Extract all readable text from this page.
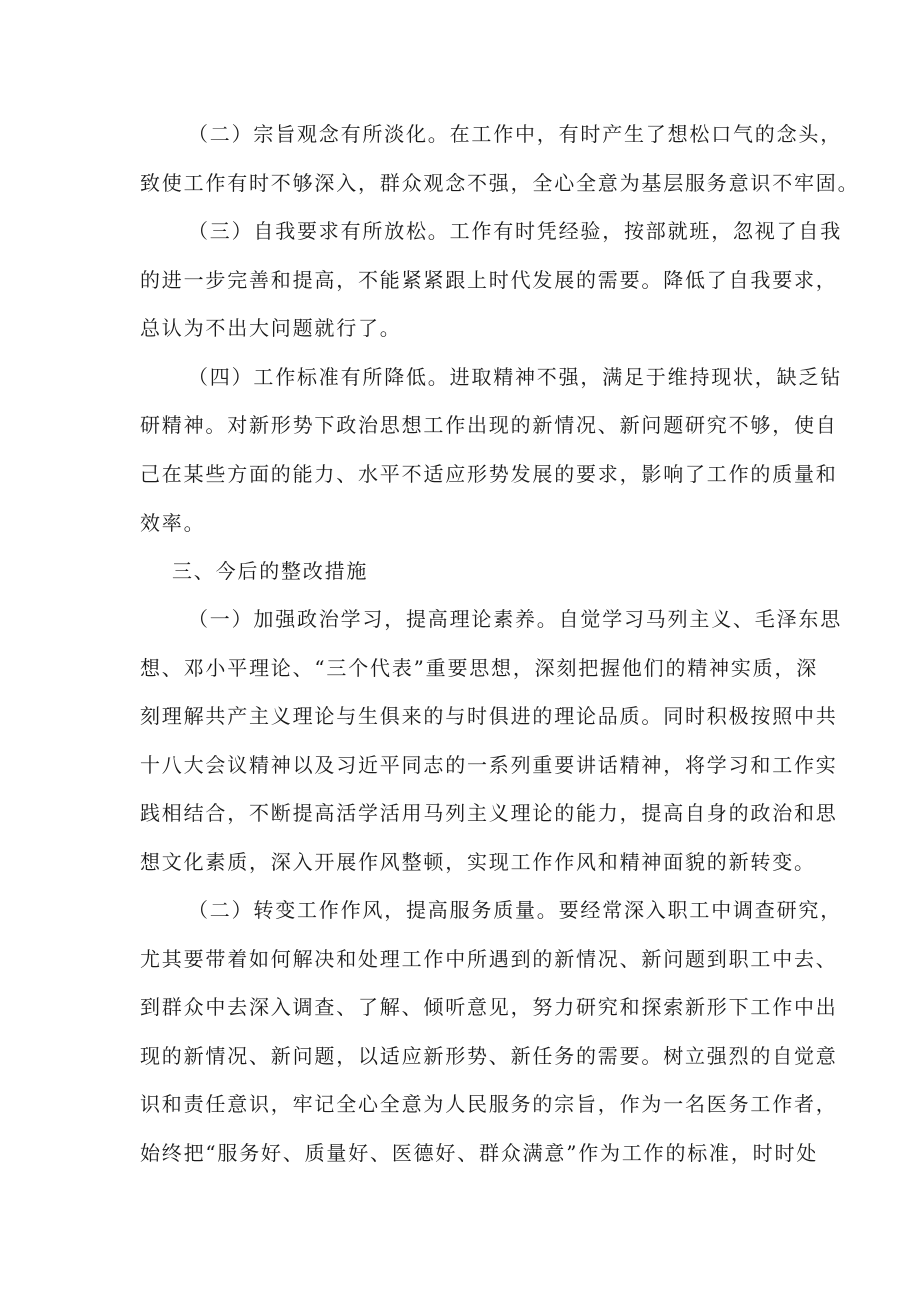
（二）宗旨观念有所淡化。在工作中，有时产生了想松口气的念头，
致使工作有时不够深入，群众观念不强，全心全意为基层服务意识不牢固。
（三）自我要求有所放松。工作有时凭经验，按部就班，忽视了自我
的进一步完善和提高，不能紧紧跟上时代发展的需要。降低了自我要求，
总认为不出大问题就行了。
（四）工作标准有所降低。进取精神不强，满足于维持现状，缺乏钻
研精神。对新形势下政治思想工作出现的新情况、新问题研究不够，使自
己在某些方面的能力、水平不适应形势发展的要求，影响了工作的质量和
效率。
三、今后的整改措施
（一）加强政治学习，提高理论素养。自觉学习马列主义、毛泽东思
想、邓小平理论、“三个代表”重要思想，深刻把握他们的精神实质，深
刻理解共产主义理论与生俱来的与时俱进的理论品质。同时积极按照中共
十八大会议精神以及习近平同志的一系列重要讲话精神，将学习和工作实
践相结合，不断提高活学活用马列主义理论的能力，提高自身的政治和思
想文化素质，深入开展作风整顿，实现工作作风和精神面貌的新转变。
（二）转变工作作风，提高服务质量。要经常深入职工中调查研究，
尤其要带着如何解决和处理工作中所遇到的新情况、新问题到职工中去、
到群众中去深入调查、了解、倾听意见，努力研究和探索新形下工作中出
现的新情况、新问题，以适应新形势、新任务的需要。树立强烈的自觉意
识和责任意识，牢记全心全意为人民服务的宗旨，作为一名医务工作者，
始终把“服务好、质量好、医德好、群众满意”作为工作的标准，时时处
